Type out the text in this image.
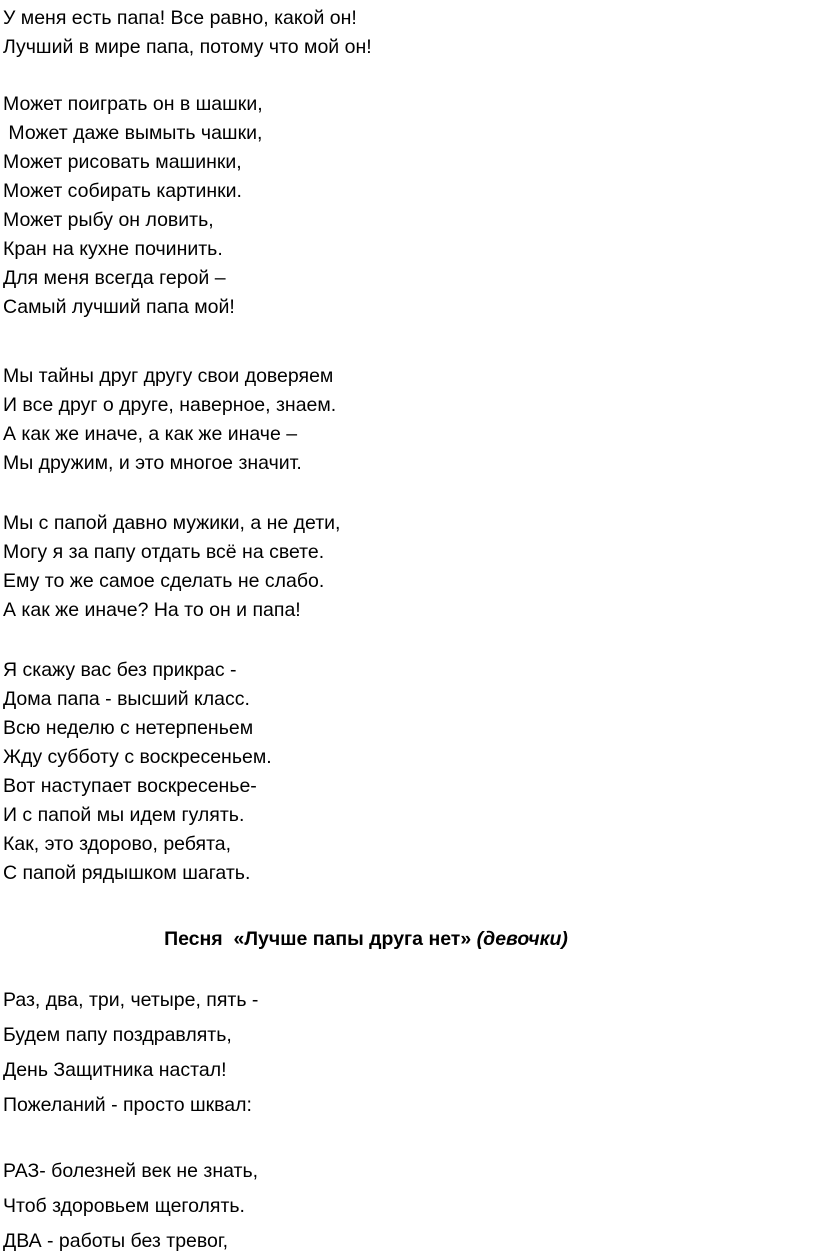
У меня есть папа! Все равно, какой он!
Лучший в мире папа, потому что мой он!
Может поиграть он в шашки,
Может даже вымыть чашки,
Может рисовать машинки,
Может собирать картинки.
Может рыбу он ловить,
Кран на кухне починить.
Для меня всегда герой –
Самый лучший папа мой!
Мы тайны друг другу свои доверяем
И все друг о друге, наверное, знаем.
А как же иначе, а как же иначе –
Мы дружим, и это многое значит.
Мы с папой давно мужики, а не дети,
Могу я за папу отдать всё на свете.
Ему то же самое сделать не слабо.
А как же иначе? На то он и папа!
Я скажу вас без прикрас -
Дома папа - высший класс.
Всю неделю с нетерпеньем
Жду субботу с воскресеньем.
Вот наступает воскресенье-
И с папой мы идем гулять.
Как, это здорово, ребята,
С папой рядышком шагать.
Песня  «Лучше папы друга нет» (девочки)
Раз, два, три, четыре, пять -
Будем папу поздравлять,
День Защитника настал!
Пожеланий - просто шквал:
РАЗ- болезней век не знать,
Чтоб здоровьем щеголять.
ДВА - работы без тревог,
